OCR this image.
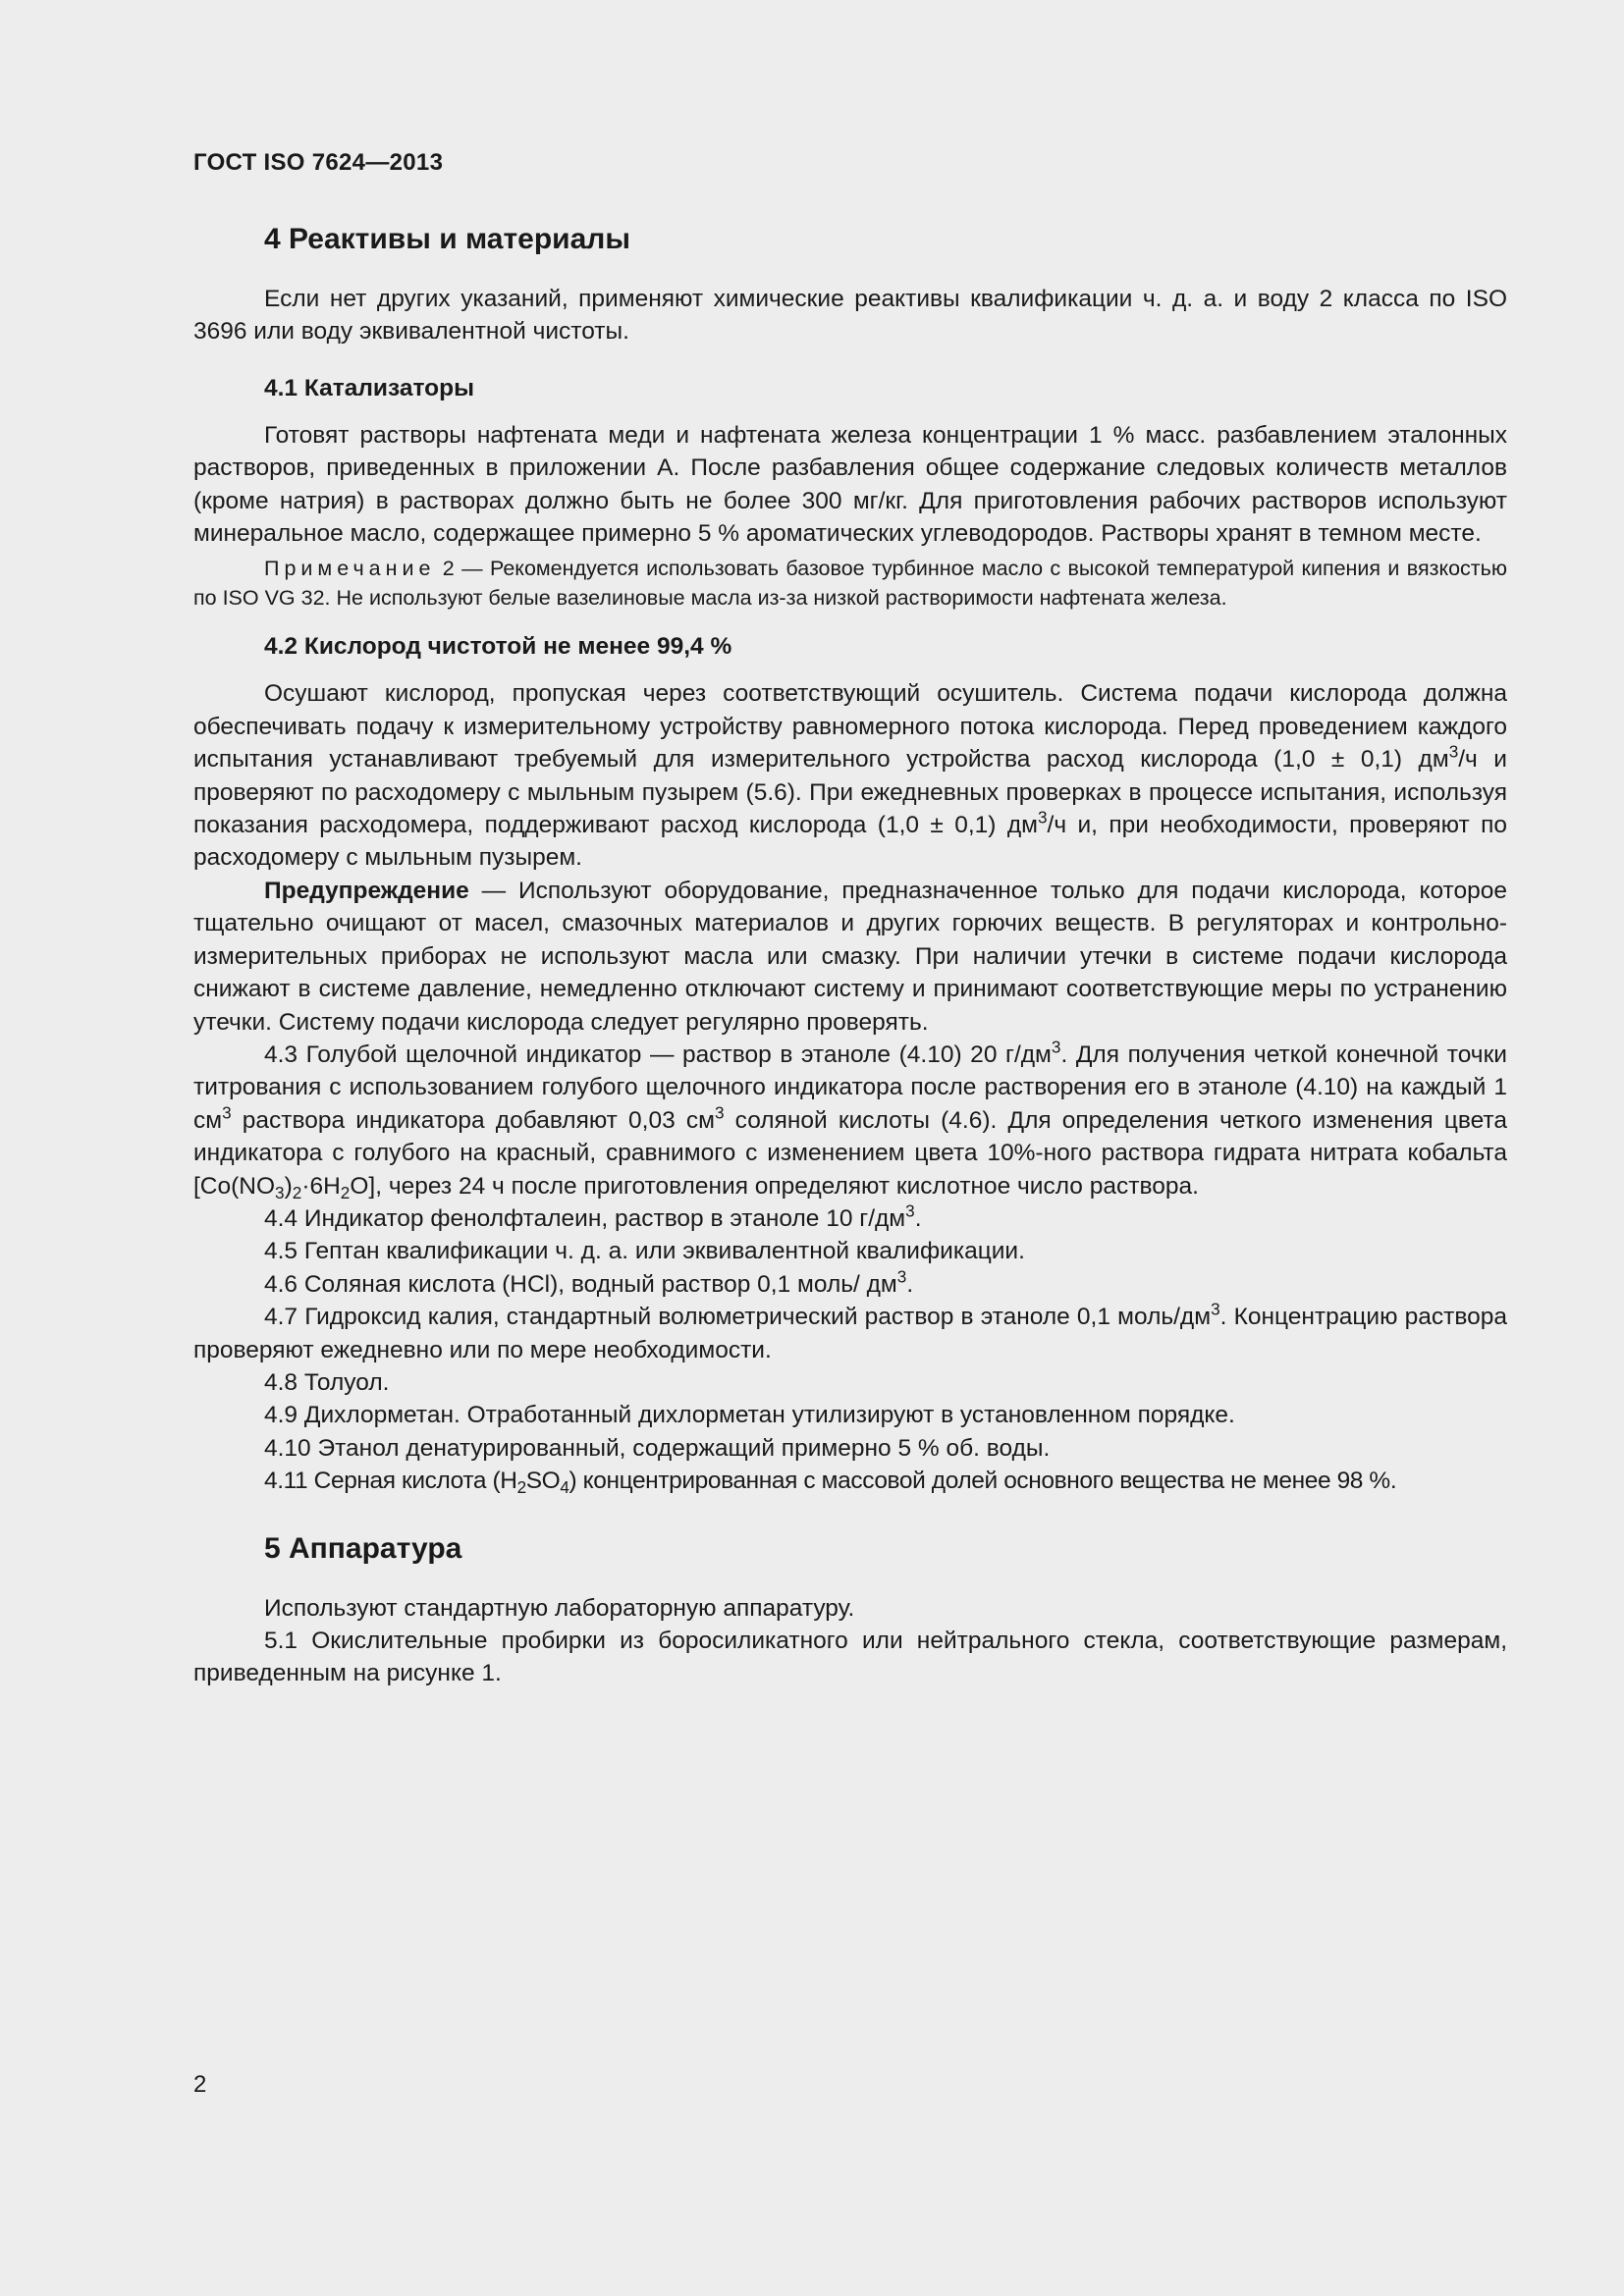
ГОСТ ISO 7624—2013
4 Реактивы и материалы

Если нет других указаний, применяют химические реактивы квалификации ч. д. а. и воду 2 класса по ISO 3696 или воду эквивалентной чистоты.

4.1 Катализаторы

Готовят растворы нафтената меди и нафтената железа концентрации 1 % масс. разбавлением эталонных растворов, приведенных в приложении А. После разбавления общее содержание следовых количеств металлов (кроме натрия) в растворах должно быть не более 300 мг/кг. Для приготовления рабочих растворов используют минеральное масло, содержащее примерно 5 % ароматических углеводородов. Растворы хранят в темном месте.

Примечание 2 — Рекомендуется использовать базовое турбинное масло с высокой температурой кипения и вязкостью по ISO VG 32. Не используют белые вазелиновые масла из-за низкой растворимости нафтената железа.

4.2 Кислород чистотой не менее 99,4 %

Осушают кислород, пропуская через соответствующий осушитель. Система подачи кислорода должна обеспечивать подачу к измерительному устройству равномерного потока кислорода. Перед проведением каждого испытания устанавливают требуемый для измерительного устройства расход кислорода (1,0 ± 0,1) $дм^3/ч$ и проверяют по расходомеру с мыльным пузырем (5.6). При ежедневных проверках в процессе испытания, используя показания расходомера, поддерживают расход кислорода (1,0 ± 0,1) $дм^3/ч$ и, при необходимости, проверяют по расходомеру с мыльным пузырем.

Предупреждение — Используют оборудование, предназначенное только для подачи кислорода, которое тщательно очищают от масел, смазочных материалов и других горючих веществ. В регуляторах и контрольно-измерительных приборах не используют масла или смазку. При наличии утечки в системе подачи кислорода снижают в системе давление, немедленно отключают систему и принимают соответствующие меры по устранению утечки. Систему подачи кислорода следует регулярно проверять.

4.3 Голубой щелочной индикатор — раствор в этаноле (4.10) 20 $г/дм^3$. Для получения четкой конечной точки титрования с использованием голубого щелочного индикатора после растворения его в этаноле (4.10) на каждый 1 $см^3$ раствора индикатора добавляют 0,03 $см^3$ соляной кислоты (4.6). Для определения четкого изменения цвета индикатора с голубого на красный, сравнимого с изменением цвета 10%-ного раствора гидрата нитрата кобальта $[Co(NO_3)_2\cdot 6H_2O]$, через 24 ч после приготовления определяют кислотное число раствора.

4.4 Индикатор фенолфталеин, раствор в этаноле 10 $г/дм^3$.

4.5 Гептан квалификации ч. д. а. или эквивалентной квалификации.

4.6 Соляная кислота (HCl), водный раствор 0,1 моль/ $дм^3$.

4.7 Гидроксид калия, стандартный волюметрический раствор в этаноле 0,1 моль/$дм^3$. Концентрацию раствора проверяют ежедневно или по мере необходимости.

4.8 Толуол.

4.9 Дихлорметан. Отработанный дихлорметан утилизируют в установленном порядке.

4.10 Этанол денатурированный, содержащий примерно 5 % об. воды.

4.11 Серная кислота $(H_2SO_4)$ концентрированная с массовой долей основного вещества не менее 98 %.

5 Аппаратура

Используют стандартную лабораторную аппаратуру.

5.1 Окислительные пробирки из боросиликатного или нейтрального стекла, соответствующие размерам, приведенным на рисунке 1.

2
